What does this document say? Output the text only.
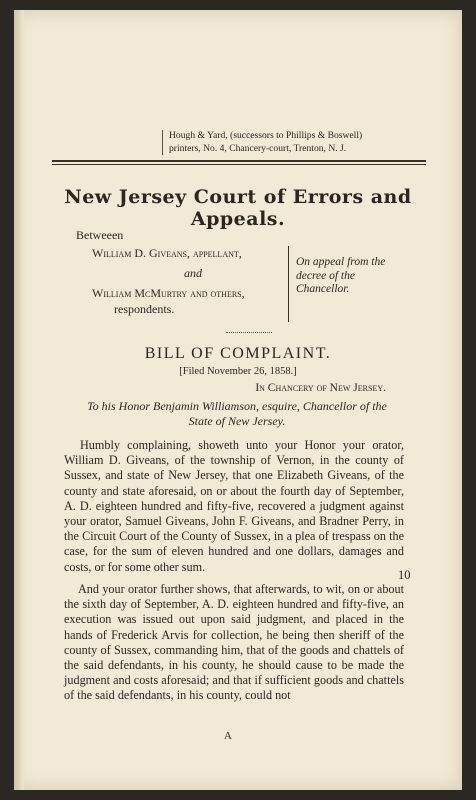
Hough & Yard, (successors to Phillips & Boswell)
printers, No. 4, Chancery-court, Trenton, N. J.
New Jersey Court of Errors and Appeals.
Betweeen
William D. Giveans, appellant,
and
William McMurtry and others,
respondents.
On appeal from the decree of the Chancellor.
BILL OF COMPLAINT.
[Filed November 26, 1858.]
In Chancery of New Jersey.
To his Honor Benjamin Williamson, esquire, Chancellor of the State of New Jersey.
Humbly complaining, showeth unto your Honor your orator, William D. Giveans, of the township of Vernon, in the county of Sussex, and state of New Jersey, that one Elizabeth Giveans, of the county and state aforesaid, on or about the fourth day of September, A. D. eighteen hundred and fifty-five, recovered a judgment against your orator, Samuel Giveans, John F. Giveans, and Bradner Perry, in the Circuit Court of the County of Sussex, in a plea of trespass on the case, for the sum of eleven hundred and one dollars, damages and costs, or for some other sum.
10
And your orator further shows, that afterwards, to wit, on or about the sixth day of September, A. D. eighteen hundred and fifty-five, an execution was issued out upon said judgment, and placed in the hands of Frederick Arvis for collection, he being then sheriff of the county of Sussex, commanding him, that of the goods and chattels of the said defendants, in his county, he should cause to be made the judgment and costs aforesaid; and that if sufficient goods and chattels of the said defendants, in his county, could not
A
